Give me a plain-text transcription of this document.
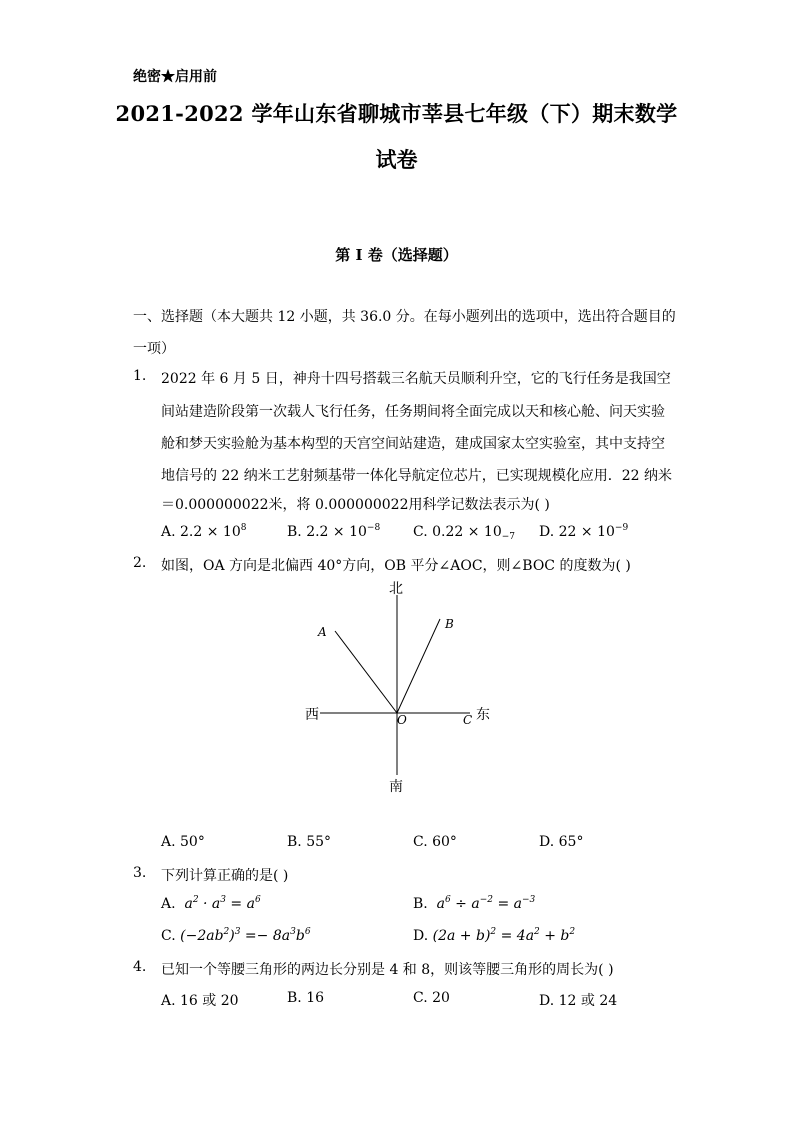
绝密★启用前
2021-2022 学年山东省聊城市莘县七年级（下）期末数学
试卷
第 I 卷（选择题）
一、选择题（本大题共 12 小题，共 36.0 分。在每小题列出的选项中，选出符合题目的
一项）
1. 2022 年 6 月 5 日，神舟十四号搭载三名航天员顺利升空，它的飞行任务是我国空
间站建造阶段第一次载人飞行任务，任务期间将全面完成以天和核心舱、问天实验
舱和梦天实验舱为基本构型的天宫空间站建造，建成国家太空实验室，其中支持空
地信号的 22 纳米工艺射频基带一体化导航定位芯片，已实现规模化应用．22 纳米
＝0.000000022米，将 0.000000022用科学记数法表示为( )
A. $2.2 \times 10^8$	B. $2.2 \times 10^{-8}$ C. $0.22 \times 10_{-7}$ D. $22 \times 10^{-9}$
2. 如图，OA 方向是北偏西 40°方向，OB 平分∠AOC，则∠BOC 的度数为( )
北
南
西	东
A
B
O	C
A. 50°	B. 55°	C. 60°	D. 65°
3. 下列计算正确的是( )
A.  $a^2 \cdot a^3 = a^6$	B.  $a^6 \div a^{-2} = a^{-3}$
C. $(-2ab^2)^3 =- 8a^3b^6$	D. $(2a + b)^2 = 4a^2 + b^2$
4. 已知一个等腰三角形的两边长分别是 4 和 8，则该等腰三角形的周长为( )
A. 16 或 20	B. 16	C. 20	D. 12 或 24
